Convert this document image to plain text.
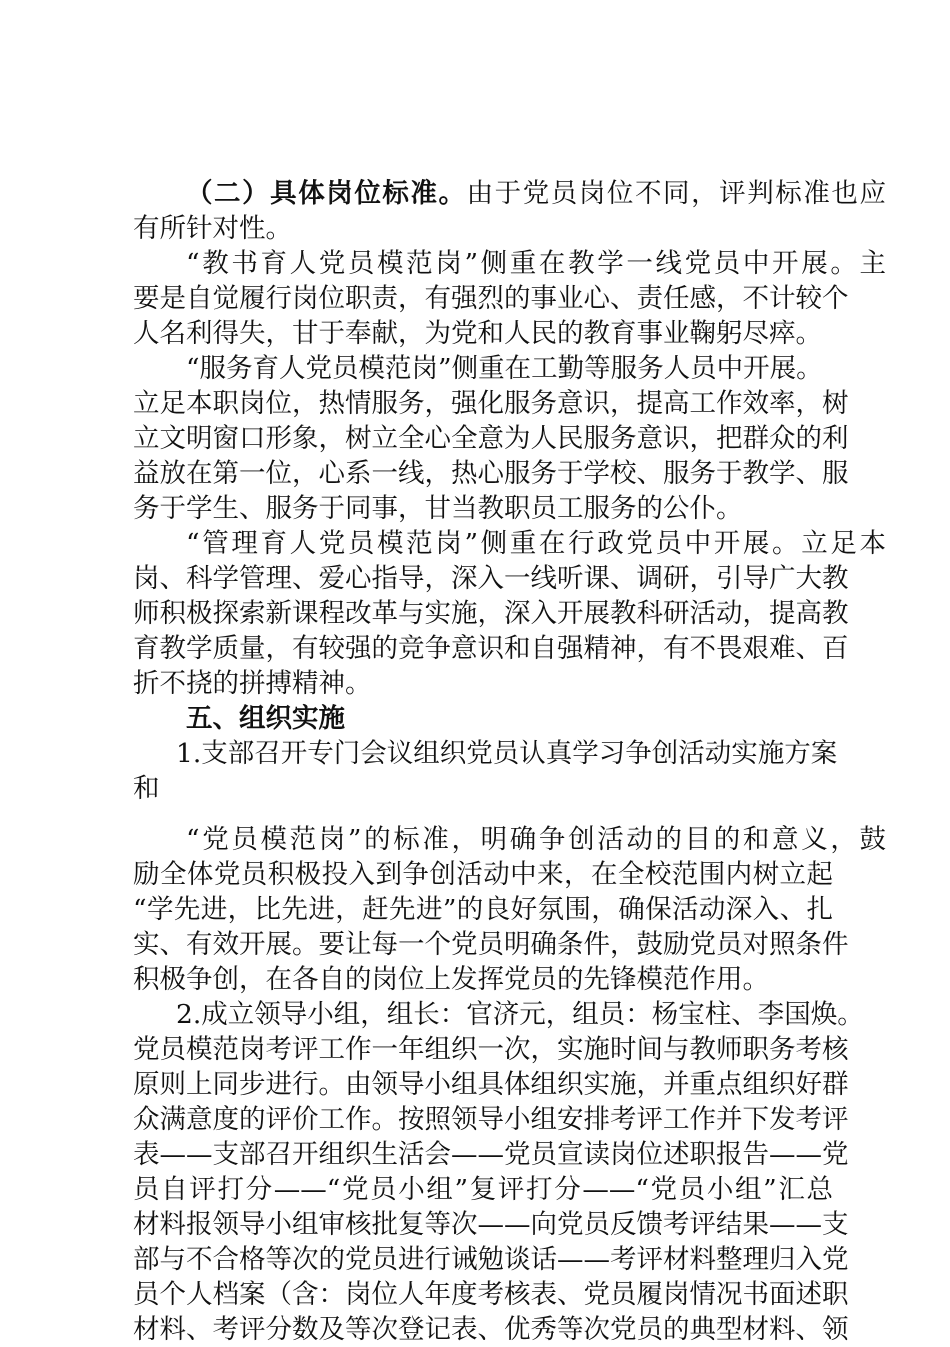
（二）具体岗位标准。由于党员岗位不同，评判标准也应
有所针对性。
“教书育人党员模范岗”侧重在教学一线党员中开展。主
要是自觉履行岗位职责，有强烈的事业心、责任感，不计较个
人名利得失，甘于奉献，为党和人民的教育事业鞠躬尽瘁。
“服务育人党员模范岗”侧重在工勤等服务人员中开展。
立足本职岗位，热情服务，强化服务意识，提高工作效率，树
立文明窗口形象，树立全心全意为人民服务意识，把群众的利
益放在第一位，心系一线，热心服务于学校、服务于教学、服
务于学生、服务于同事，甘当教职员工服务的公仆。
“管理育人党员模范岗”侧重在行政党员中开展。立足本
岗、科学管理、爱心指导，深入一线听课、调研，引导广大教
师积极探索新课程改革与实施，深入开展教科研活动，提高教
育教学质量，有较强的竞争意识和自强精神，有不畏艰难、百
折不挠的拼搏精神。
五、组织实施
1.支部召开专门会议组织党员认真学习争创活动实施方案
和
“党员模范岗”的标准，明确争创活动的目的和意义，鼓
励全体党员积极投入到争创活动中来，在全校范围内树立起
“学先进，比先进，赶先进”的良好氛围，确保活动深入、扎
实、有效开展。要让每一个党员明确条件，鼓励党员对照条件
积极争创，在各自的岗位上发挥党员的先锋模范作用。
2.成立领导小组，组长：官济元，组员：杨宝柱、李国焕。
党员模范岗考评工作一年组织一次，实施时间与教师职务考核
原则上同步进行。由领导小组具体组织实施，并重点组织好群
众满意度的评价工作。按照领导小组安排考评工作并下发考评
表——支部召开组织生活会——党员宣读岗位述职报告——党
员自评打分——“党员小组”复评打分——“党员小组”汇总
材料报领导小组审核批复等次——向党员反馈考评结果——支
部与不合格等次的党员进行诫勉谈话——考评材料整理归入党
员个人档案（含：岗位人年度考核表、党员履岗情况书面述职
材料、考评分数及等次登记表、优秀等次党员的典型材料、领
